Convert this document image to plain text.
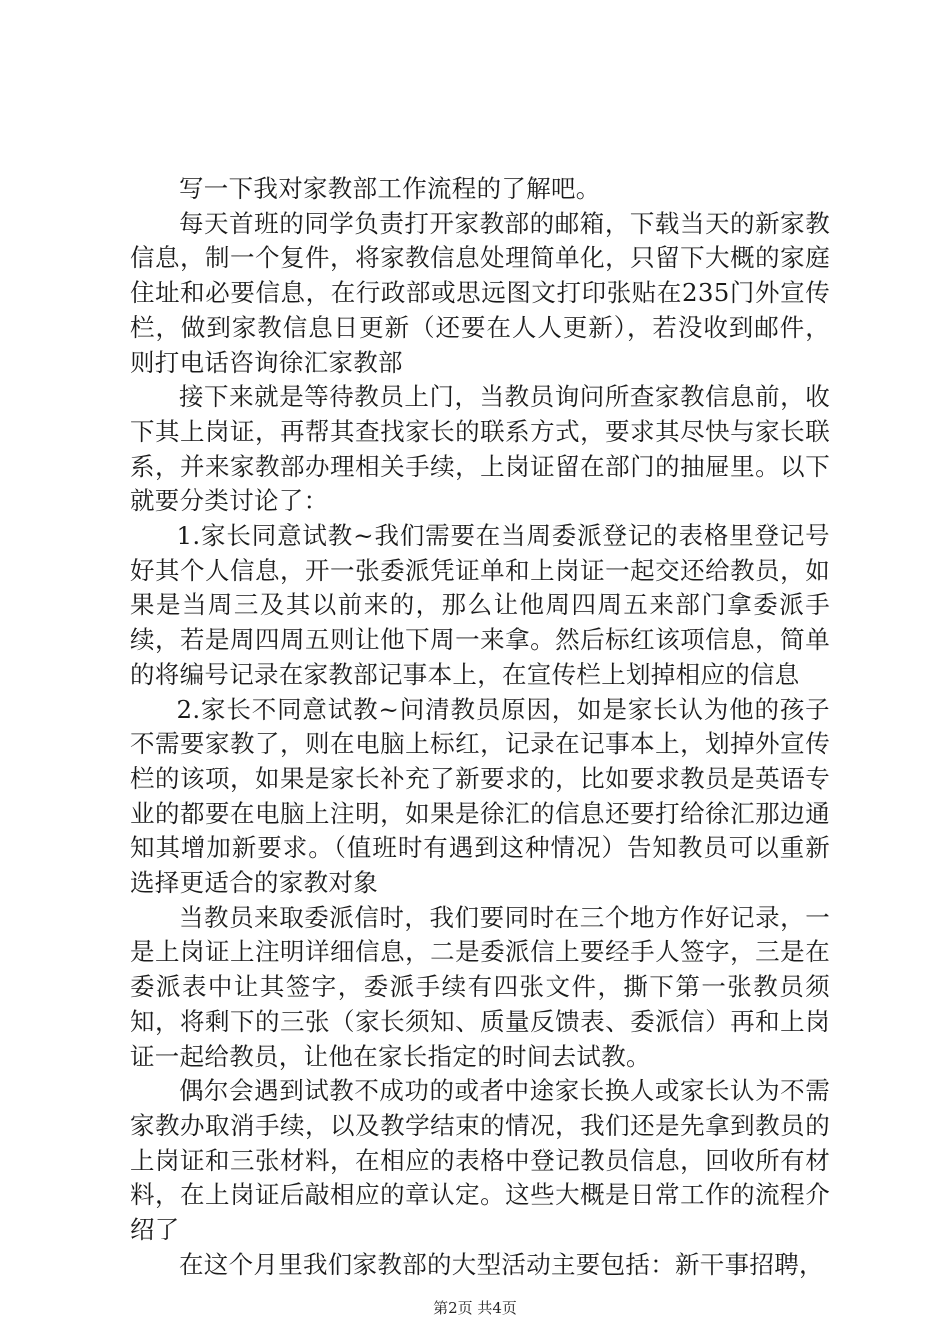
写一下我对家教部工作流程的了解吧。

每天首班的同学负责打开家教部的邮箱，下载当天的新家教信息，制一个复件，将家教信息处理简单化，只留下大概的家庭住址和必要信息，在行政部或思远图文打印张贴在235门外宣传栏，做到家教信息日更新（还要在人人更新），若没收到邮件，则打电话咨询徐汇家教部

接下来就是等待教员上门，当教员询问所查家教信息前，收下其上岗证，再帮其查找家长的联系方式，要求其尽快与家长联系，并来家教部办理相关手续，上岗证留在部门的抽屉里。以下就要分类讨论了：

1.家长同意试教~我们需要在当周委派登记的表格里登记号好其个人信息，开一张委派凭证单和上岗证一起交还给教员，如果是当周三及其以前来的，那么让他周四周五来部门拿委派手续，若是周四周五则让他下周一来拿。然后标红该项信息，简单的将编号记录在家教部记事本上，在宣传栏上划掉相应的信息

2.家长不同意试教~问清教员原因，如是家长认为他的孩子不需要家教了，则在电脑上标红，记录在记事本上，划掉外宣传栏的该项，如果是家长补充了新要求的，比如要求教员是英语专业的都要在电脑上注明，如果是徐汇的信息还要打给徐汇那边通知其增加新要求。（值班时有遇到这种情况）告知教员可以重新选择更适合的家教对象

当教员来取委派信时，我们要同时在三个地方作好记录，一是上岗证上注明详细信息，二是委派信上要经手人签字，三是在委派表中让其签字，委派手续有四张文件，撕下第一张教员须知，将剩下的三张（家长须知、质量反馈表、委派信）再和上岗证一起给教员，让他在家长指定的时间去试教。

偶尔会遇到试教不成功的或者中途家长换人或家长认为不需家教办取消手续，以及教学结束的情况，我们还是先拿到教员的上岗证和三张材料，在相应的表格中登记教员信息，回收所有材料，在上岗证后敲相应的章认定。这些大概是日常工作的流程介绍了

在这个月里我们家教部的大型活动主要包括：新干事招聘，

第2页 共4页
